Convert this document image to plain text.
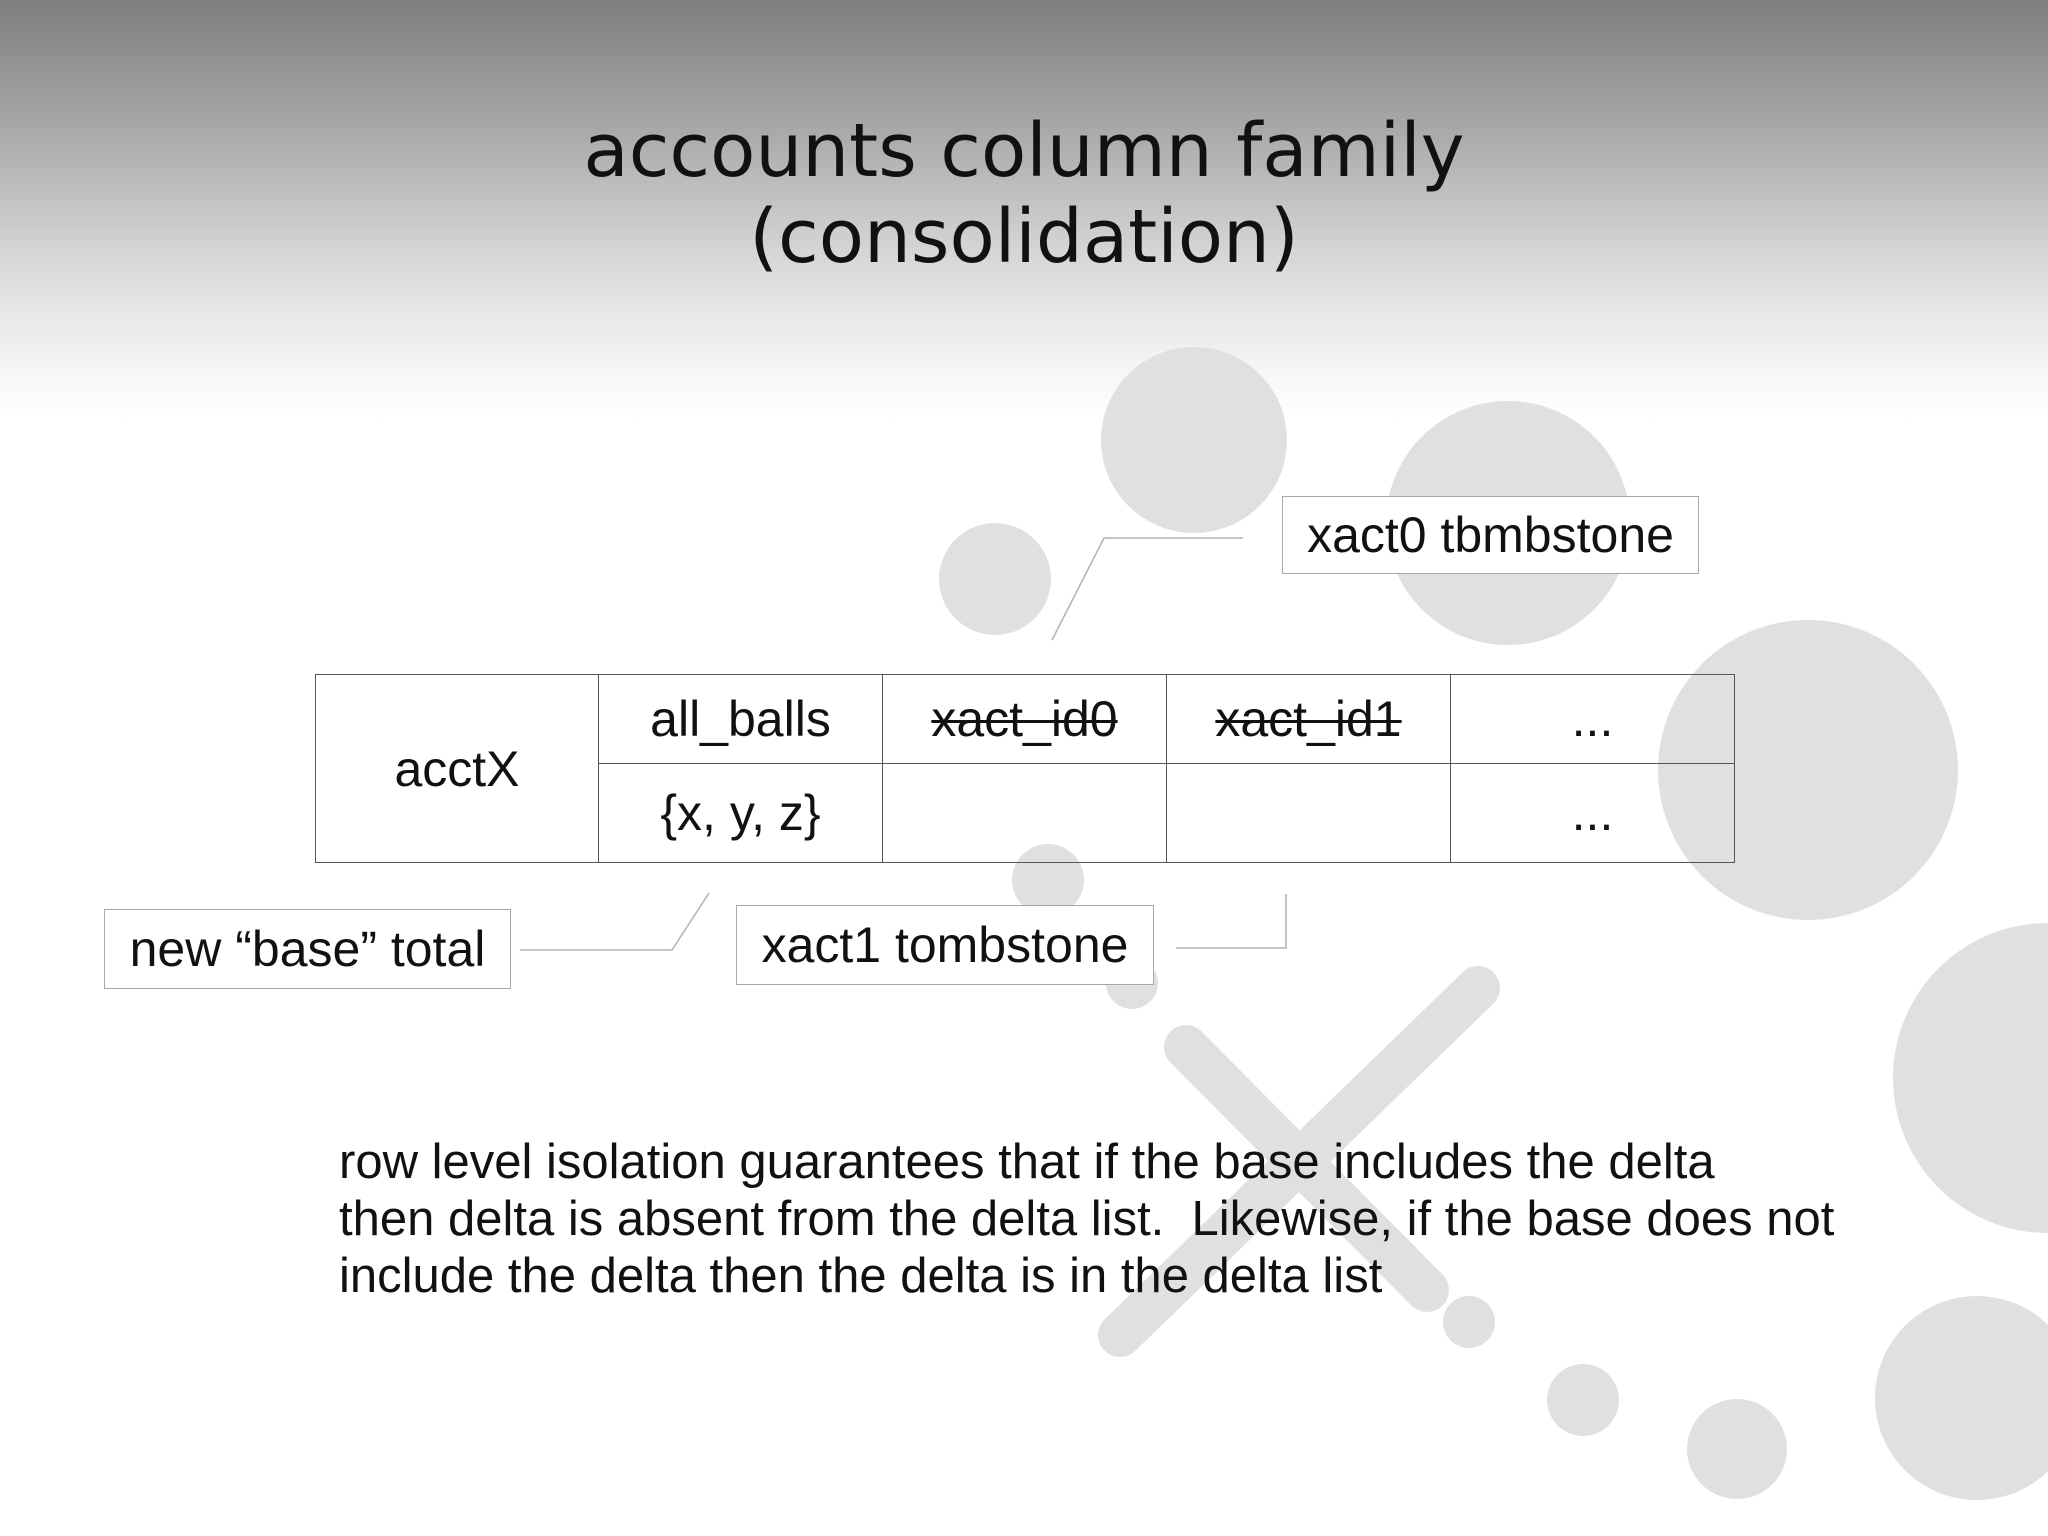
accounts column family
(consolidation)
acctX	all_balls	xact_id0	xact_id1	...
	{x, y, z}			...
xact0 tbmbstone
new “base” total	xact1 tombstone
row level isolation guarantees that if the base includes the delta
then delta is absent from the delta list.  Likewise, if the base does not
include the delta then the delta is in the delta list
